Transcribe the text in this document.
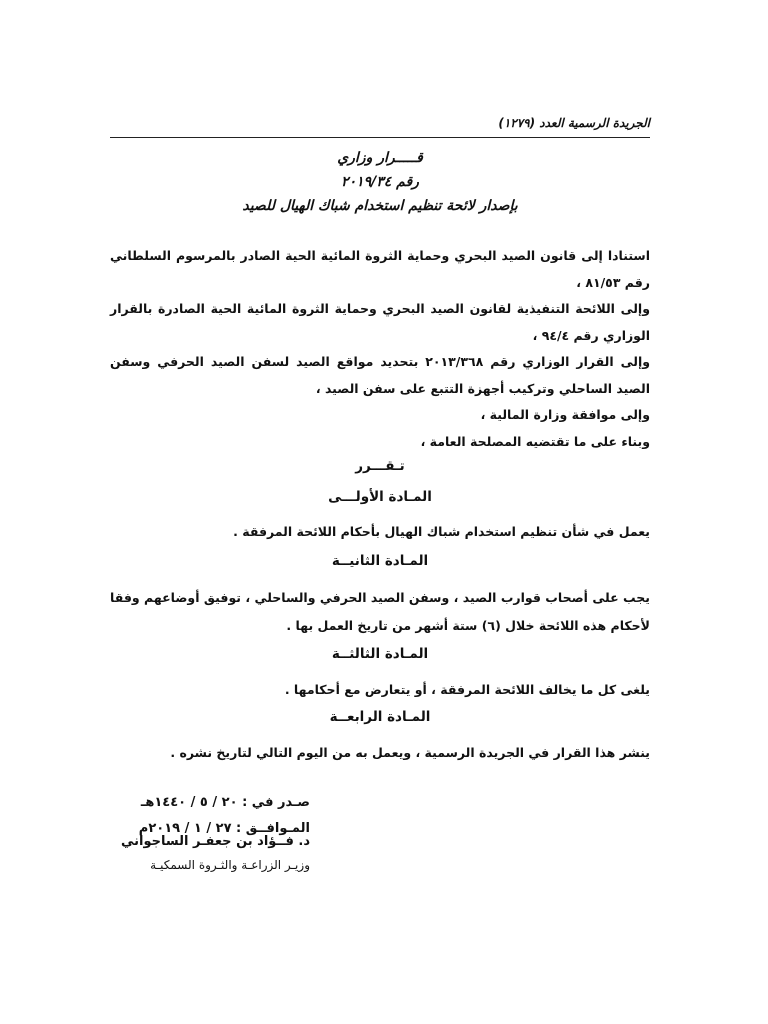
الجريدة الرسمية العدد (١٢٧٩)
قـــــرار وزاري
رقم ٢٠١٩/٣٤
بإصدار لائحة تنظيم استخدام شباك الهيال للصيد

استنادا إلى قانون الصيد البحري وحماية الثروة المائية الحية الصادر بالمرسوم السلطاني رقم ٨١/٥٣ ،

وإلى اللائحة التنفيذية لقانون الصيد البحري وحماية الثروة المائية الحية الصادرة بالقرار الوزاري رقم ٩٤/٤ ،

وإلى القرار الوزاري رقم ٢٠١٣/٣٦٨ بتحديد مواقع الصيد لسفن الصيد الحرفي وسفن الصيد الساحلي وتركيب أجهزة التتبع على سفن الصيد ،

وإلى موافقة وزارة المالية ،

وبناء على ما تقتضيه المصلحة العامة ،

تـقـــرر
المـادة الأولـــى

يعمل في شأن تنظيم استخدام شباك الهيال بأحكام اللائحة المرفقة .

المـادة الثانيــة

يجب على أصحاب قوارب الصيد ، وسفن الصيد الحرفي والساحلي ، توفيق أوضاعهم وفقا لأحكام هذه اللائحة خلال (٦) ستة أشهر من تاريخ العمل بها .

المـادة الثالثــة

يلغى كل ما يخالف اللائحة المرفقة ، أو يتعارض مع أحكامها .

المـادة الرابعــة

ينشر هذا القرار في الجريدة الرسمية ، ويعمل به من اليوم التالي لتاريخ نشره .

صـدر في : ٢٠ / ٥ / ١٤٤٠هـ
المـوافــق : ٢٧ / ١ / ٢٠١٩م
د. فــؤاد بن جعفـر الساجواني
وزيـر الزراعـة والثـروة السمكيـة
